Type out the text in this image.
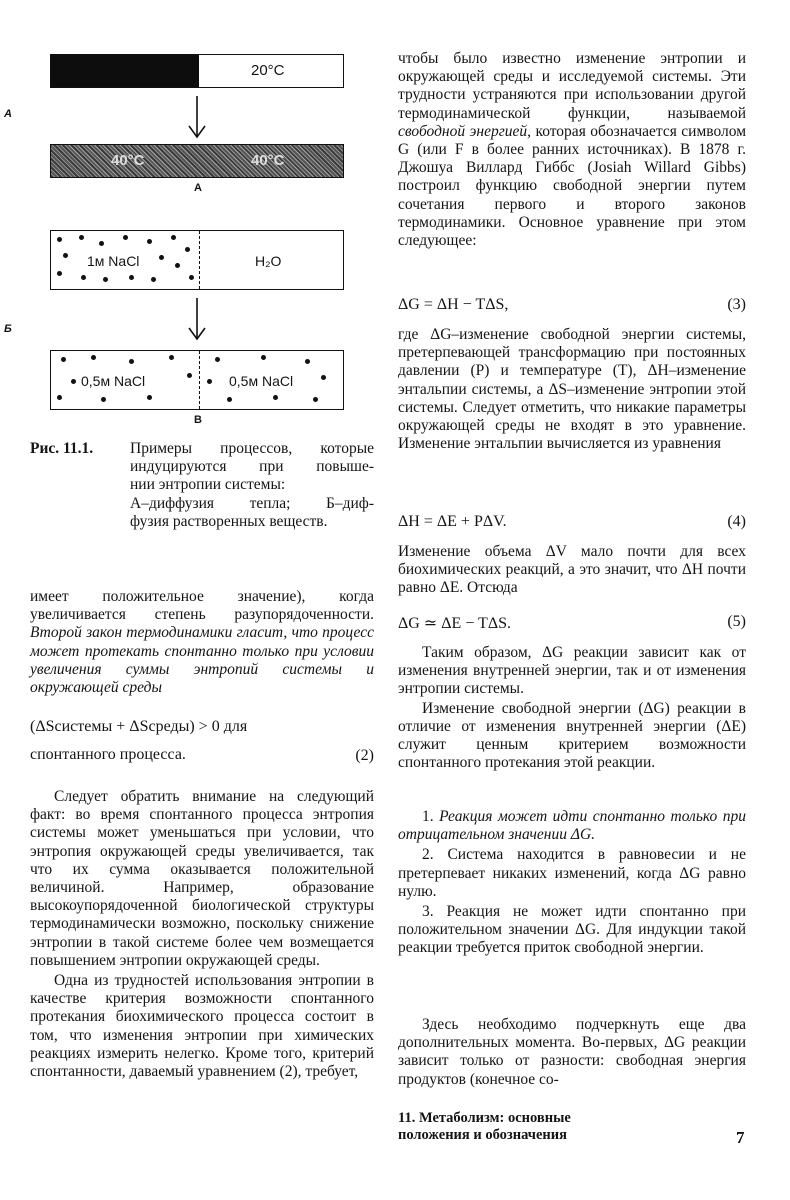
А
20°C
40°C	40°C
А
Б
1м NaCl	H₂O
0,5м NaCl	0,5м NaCl
В
Рис. 11.1. Примеры процессов, которые
индуцируются при повыше-
нии энтропии системы:
А–диффузия тепла; Б–диф-
фузия растворенных веществ.

имеет положительное значение), когда увеличивается степень разупорядоченности. Второй закон термодинамики гласит, что процесс может протекать спонтанно только при условии увеличения суммы энтропий системы и окружающей среды

(ΔSсистемы + ΔSсреды) > 0 для
спонтанного процесса.	(2)

Следует обратить внимание на следующий факт: во время спонтанного процесса энтропия системы может уменьшаться при условии, что энтропия окружающей среды увеличивается, так что их сумма оказывается положительной величиной. Например, образование высокоупорядоченной биологической структуры термодинамически возможно, поскольку снижение энтропии в такой системе более чем возмещается повышением энтропии окружающей среды.

Одна из трудностей использования энтропии в качестве критерия возможности спонтанного протекания биохимического процесса состоит в том, что изменения энтропии при химических реакциях измерить нелегко. Кроме того, критерий спонтанности, даваемый уравнением (2), требует,

чтобы было известно изменение энтропии и окружающей среды и исследуемой системы. Эти трудности устраняются при использовании другой термодинамической функции, называемой свободной энергией, которая обозначается символом G (или F в более ранних источниках). В 1878 г. Джошуа Виллард Гиббс (Josiah Willard Gibbs) построил функцию свободной энергии путем сочетания первого и второго законов термодинамики. Основное уравнение при этом следующее:

ΔG = ΔH − TΔS,	(3)

где ΔG–изменение свободной энергии системы, претерпевающей трансформацию при постоянных давлении (P) и температуре (T), ΔH–изменение энтальпии системы, а ΔS–изменение энтропии этой системы. Следует отметить, что никакие параметры окружающей среды не входят в это уравнение. Изменение энтальпии вычисляется из уравнения

ΔH = ΔE + PΔV.	(4)

Изменение объема ΔV мало почти для всех биохимических реакций, а это значит, что ΔH почти равно ΔE. Отсюда

ΔG ≃ ΔE − TΔS.	(5)

Таким образом, ΔG реакции зависит как от изменения внутренней энергии, так и от изменения энтропии системы.

Изменение свободной энергии (ΔG) реакции в отличие от изменения внутренней энергии (ΔE) служит ценным критерием возможности спонтанного протекания этой реакции.

1. Реакция может идти спонтанно только при отрицательном значении ΔG.

2. Система находится в равновесии и не претерпевает никаких изменений, когда ΔG равно нулю.

3. Реакция не может идти спонтанно при положительном значении ΔG. Для индукции такой реакции требуется приток свободной энергии.

Здесь необходимо подчеркнуть еще два дополнительных момента. Во-первых, ΔG реакции зависит только от разности: свободная энергия продуктов (конечное со-

11. Метаболизм: основные
положения и обозначения	7
